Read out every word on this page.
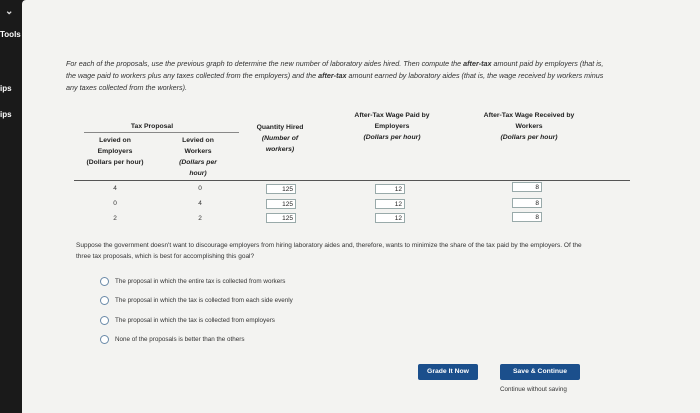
⌄
Tools
ips
ips
For each of the proposals, use the previous graph to determine the new number of laboratory aides hired. Then compute the after-tax amount paid by employers (that is, the wage paid to workers plus any taxes collected from the employers) and the after-tax amount earned by laboratory aides (that is, the wage received by workers minus any taxes collected from the workers).
Tax Proposal
Levied on
Employers
(Dollars per hour)
Levied on
Workers
(Dollars per
hour)
Quantity Hired
(Number of
workers)
After-Tax Wage Paid by
Employers
(Dollars per hour)
After-Tax Wage Received by
Workers
(Dollars per hour)
4	0	125	12	8
0	4	125	12	8
2	2	125	12	8
Suppose the government doesn't want to discourage employers from hiring laboratory aides and, therefore, wants to minimize the share of the tax paid by the employers. Of the three tax proposals, which is best for accomplishing this goal?
The proposal in which the entire tax is collected from workers
The proposal in which the tax is collected from each side evenly
The proposal in which the tax is collected from employers
None of the proposals is better than the others
Grade It Now	Save & Continue
Continue without saving
